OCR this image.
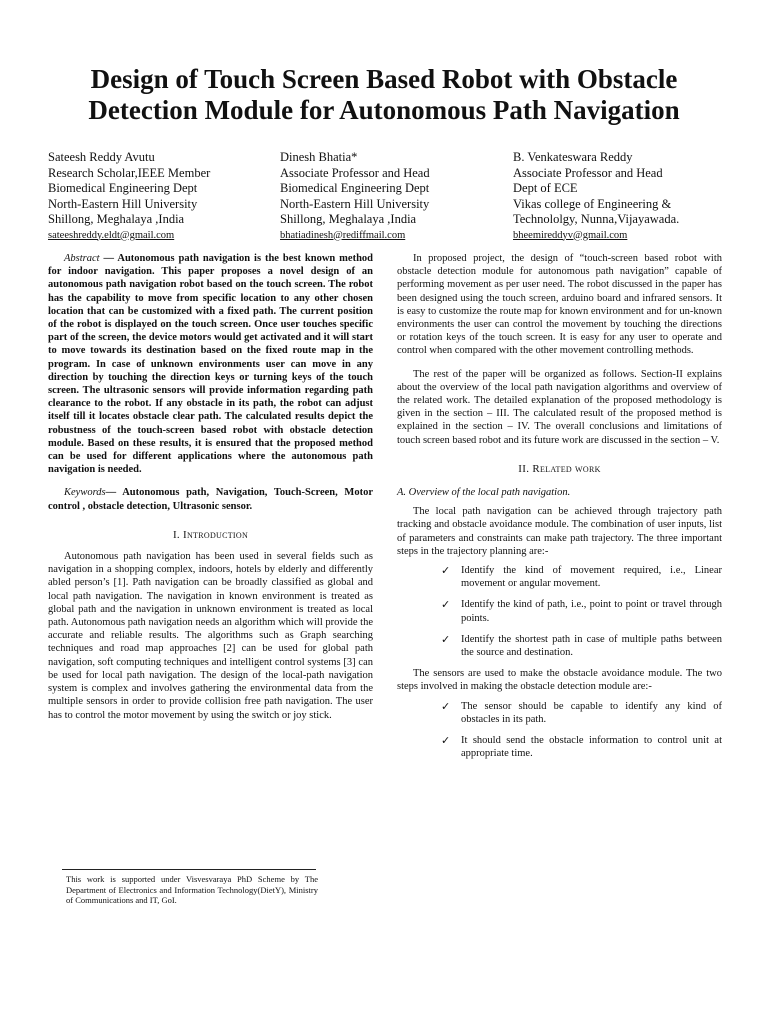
Design of Touch Screen Based Robot with Obstacle Detection Module for Autonomous Path Navigation
Sateesh Reddy Avutu
Research Scholar,IEEE Member
Biomedical Engineering Dept
North-Eastern Hill University
Shillong, Meghalaya ,India
sateeshreddy.eldt@gmail.com
Dinesh Bhatia*
Associate Professor and Head
Biomedical Engineering Dept
North-Eastern Hill University
Shillong, Meghalaya ,India
bhatiadinesh@rediffmail.com
B. Venkateswara Reddy
Associate Professor and Head
Dept of ECE
Vikas college of Engineering &
Technololgy, Nunna,Vijayawada.
bheemireddyv@gmail.com

Abstract — Autonomous path navigation is the best known method for indoor navigation. This paper proposes a novel design of an autonomous path navigation robot based on the touch screen. The robot has the capability to move from specific location to any other chosen location that can be customized with a fixed path. The current position of the robot is displayed on the touch screen. Once user touches specific part of the screen, the device motors would get activated and it will start to move towards its destination based on the fixed route map in the program. In case of unknown environments user can move in any direction by touching the direction keys or turning keys of the touch screen. The ultrasonic sensors will provide information regarding path clearance to the robot. If any obstacle in its path, the robot can adjust itself till it locates obstacle clear path. The calculated results depict the robustness of the touch-screen based robot with obstacle detection module. Based on these results, it is ensured that the proposed method can be used for different applications where the autonomous path navigation is needed.

Keywords— Autonomous path, Navigation, Touch-Screen, Motor control , obstacle detection, Ultrasonic sensor.

I. Introduction

Autonomous path navigation has been used in several fields such as navigation in a shopping complex, indoors, hotels by elderly and differently abled person’s [1]. Path navigation can be broadly classified as global and local path navigation. The navigation in known environment is treated as global path and the navigation in unknown environment is treated as local path. Autonomous path navigation needs an algorithm which will provide the accurate and reliable results. The algorithms such as Graph searching techniques and road map approaches [2] can be used for global path navigation, soft computing techniques and intelligent control systems [3] can be used for local path navigation. The design of the local-path navigation system is complex and involves gathering the environmental data from the multiple sensors in order to provide collision free path navigation. The user has to control the motor movement by using the switch or joy stick.

In proposed project, the design of “touch-screen based robot with obstacle detection module for autonomous path navigation” capable of performing movement as per user need. The robot discussed in the paper has been designed using the touch screen, arduino board and infrared sensors. It is easy to customize the route map for known environment and for un-known environments the user can control the movement by touching the directions or rotation keys of the touch screen. It is easy for any user to operate and control when compared with the other movement controlling methods.

The rest of the paper will be organized as follows. Section-II explains about the overview of the local path navigation algorithms and overview of the related work. The detailed explanation of the proposed methodology is given in the section – III. The calculated result of the proposed method is explained in the section – IV. The overall conclusions and limitations of touch screen based robot and its future work are discussed in the section – V.

II. Related work
A. Overview of the local path navigation.

The local path navigation can be achieved through trajectory path tracking and obstacle avoidance module. The combination of user inputs, list of parameters and constraints can make path trajectory. The three important steps in the trajectory planning are:-

✓ Identify the kind of movement required, i.e., Linear movement or angular movement.
✓ Identify the kind of path, i.e., point to point or travel through points.
✓ Identify the shortest path in case of multiple paths between the source and destination.

The sensors are used to make the obstacle avoidance module. The two steps involved in making the obstacle detection module are:-

✓ The sensor should be capable to identify any kind of obstacles in its path.
✓ It should send the obstacle information to control unit at appropriate time.
This work is supported under Visvesvaraya PhD Scheme by The Department of Electronics and Information Technology(DietY), Ministry of Communications and IT, GoI.
